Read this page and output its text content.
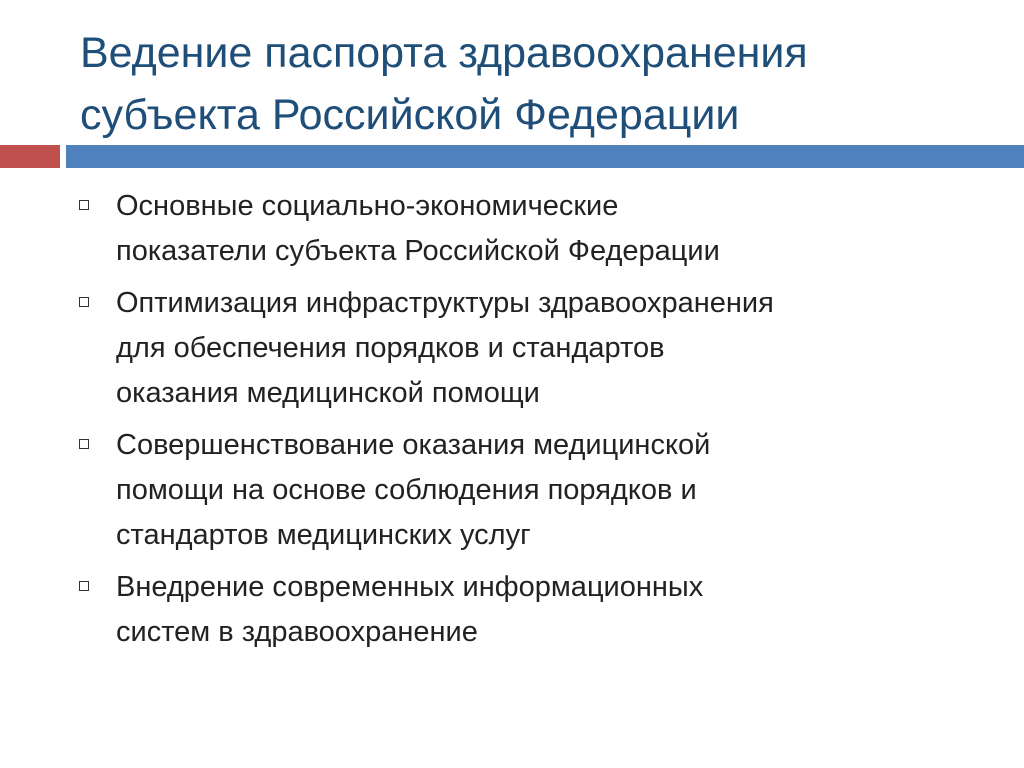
Ведение паспорта здравоохранения
субъекта Российской Федерации
Основные социально-экономические
показатели субъекта Российской Федерации
Оптимизация инфраструктуры здравоохранения
для обеспечения порядков и стандартов
оказания медицинской помощи
Совершенствование оказания медицинской
помощи на основе соблюдения порядков и
стандартов медицинских услуг
Внедрение современных информационных
систем в здравоохранение
